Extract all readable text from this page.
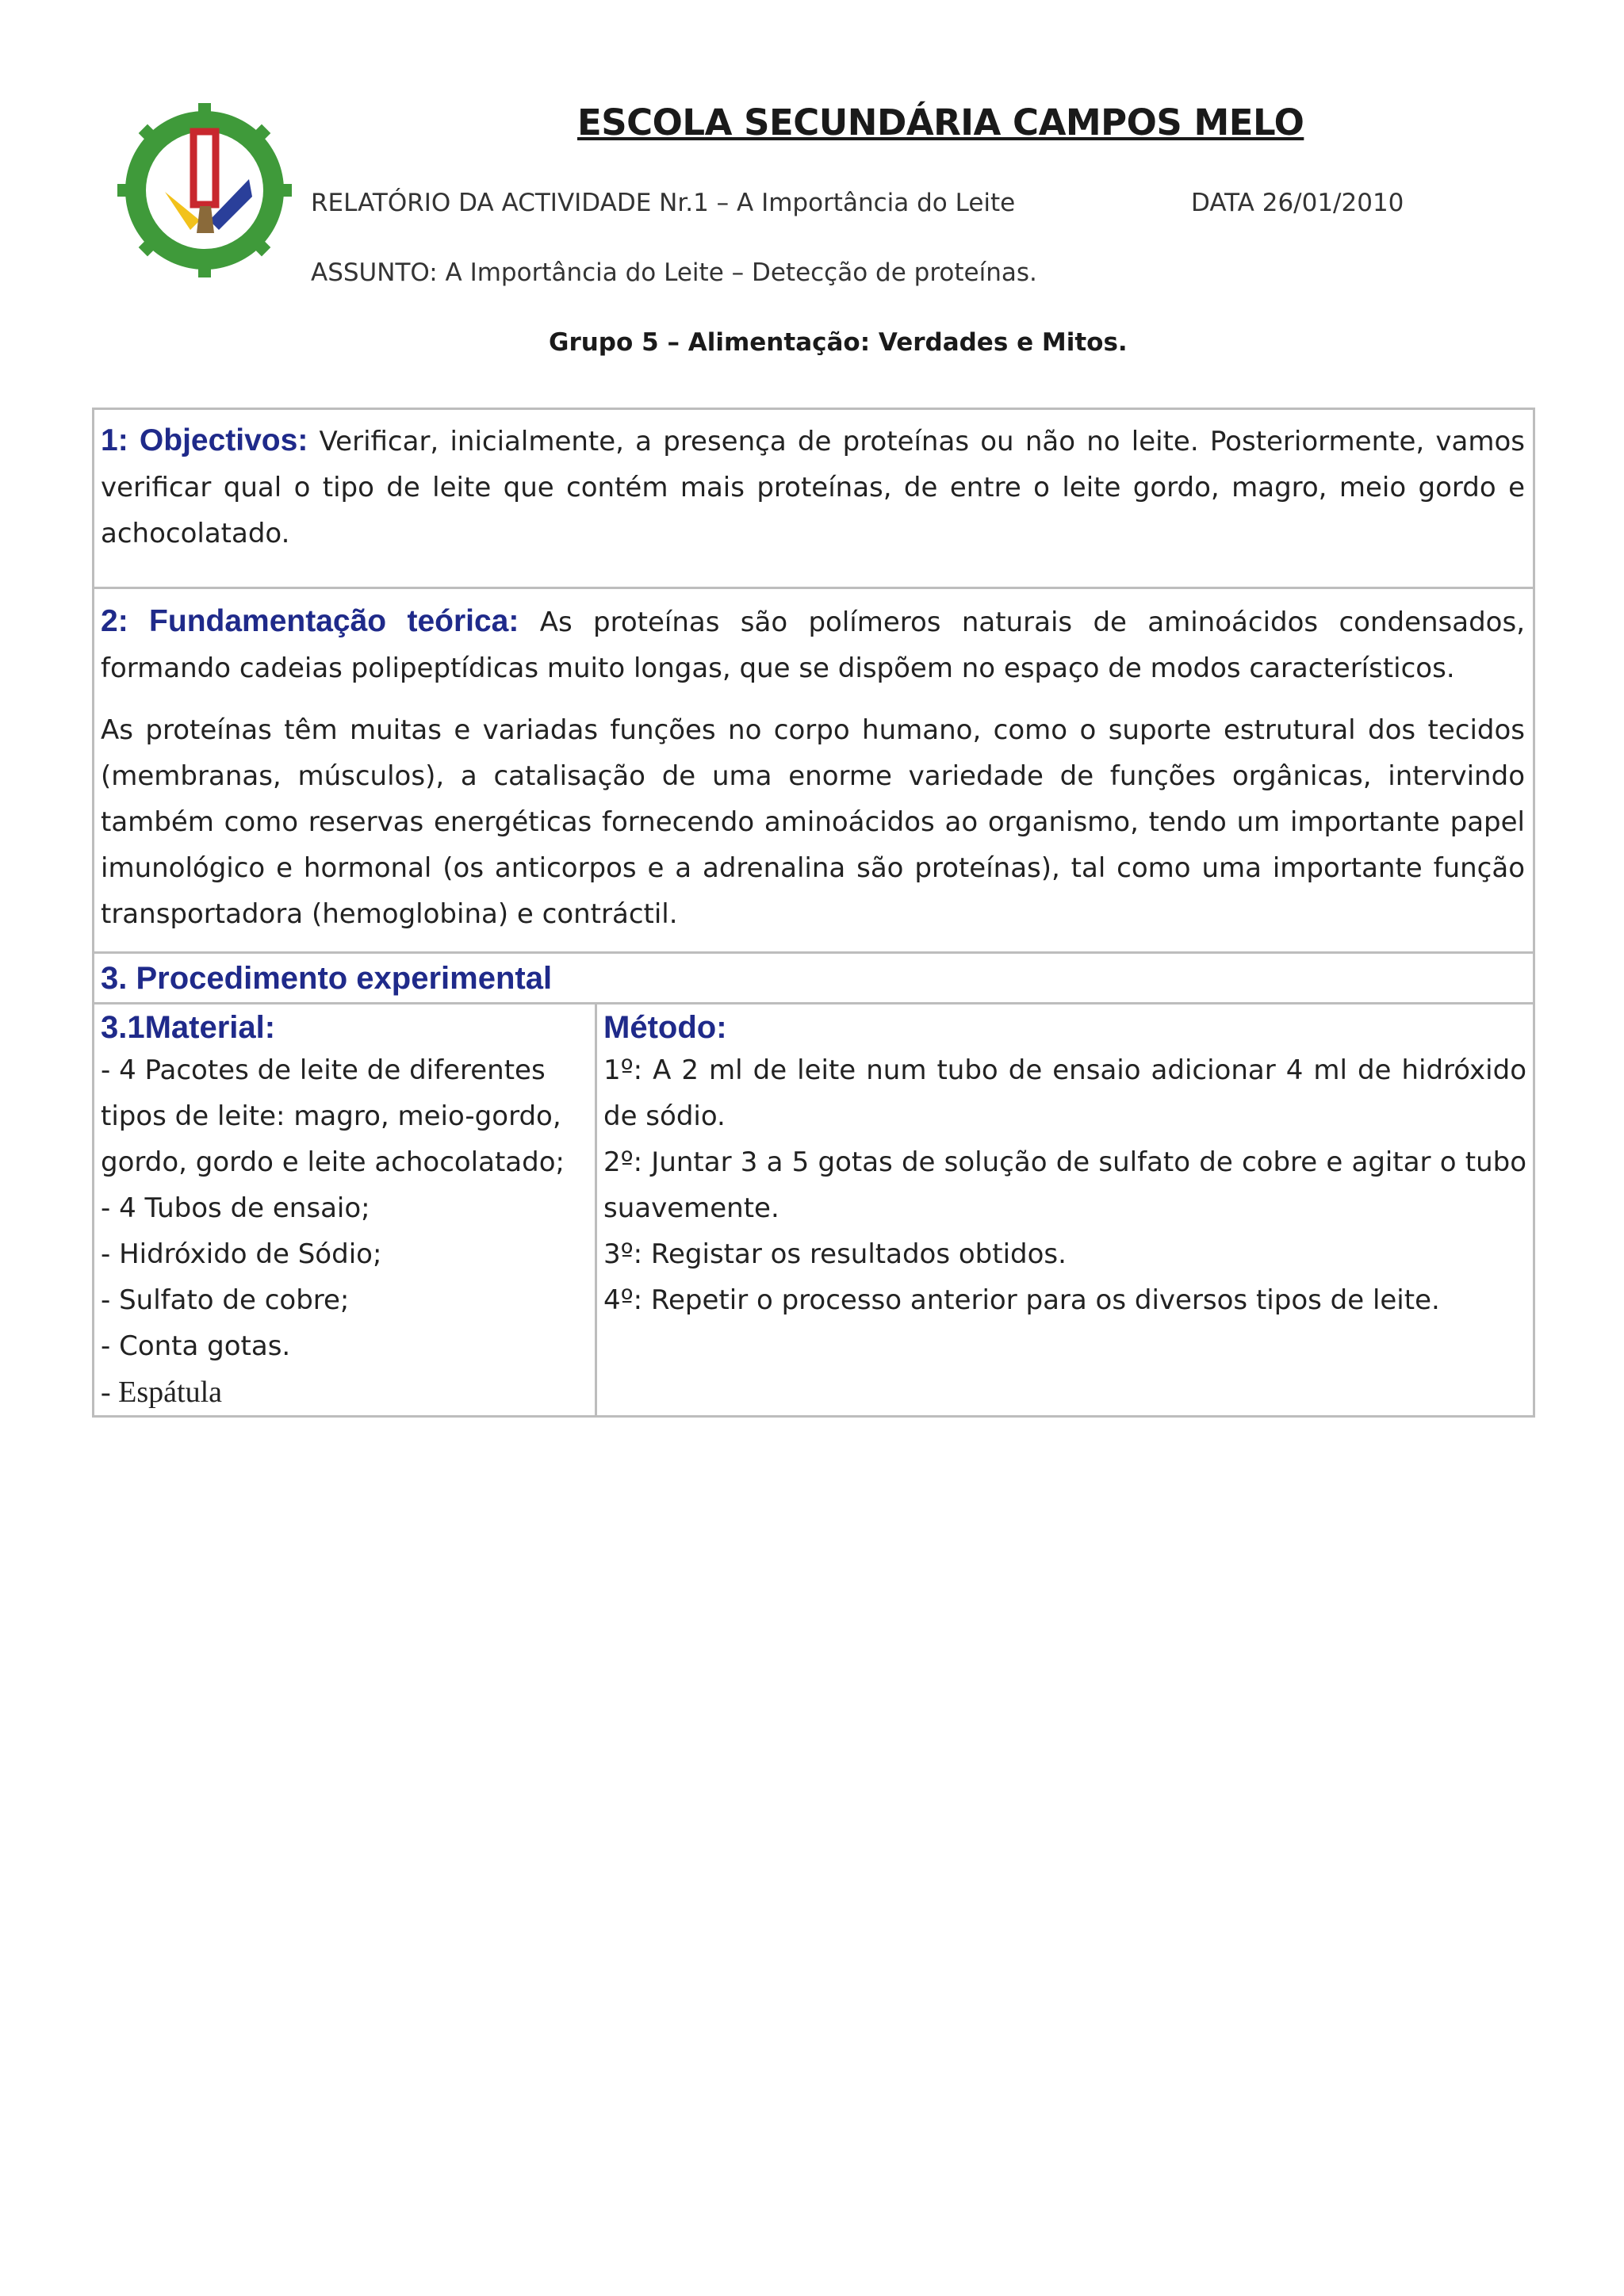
ESCOLA SECUNDÁRIA CAMPOS MELO
RELATÓRIO DA ACTIVIDADE Nr.1 – A Importância do Leite	DATA 26/01/2010
ASSUNTO: A Importância do Leite – Detecção de proteínas.
Grupo 5 – Alimentação: Verdades e Mitos.

1: Objectivos: Verificar, inicialmente, a presença de proteínas ou não no leite. Posteriormente, vamos verificar qual o tipo de leite que contém mais proteínas, de entre o leite gordo, magro, meio gordo e achocolatado.

2: Fundamentação teórica: As proteínas são polímeros naturais de aminoácidos condensados, formando cadeias polipeptídicas muito longas, que se dispõem no espaço de modos característicos.

As proteínas têm muitas e variadas funções no corpo humano, como o suporte estrutural dos tecidos (membranas, músculos), a catalisação de uma enorme variedade de funções orgânicas, intervindo também como reservas energéticas fornecendo aminoácidos ao organismo, tendo um importante papel imunológico e hormonal (os anticorpos e a adrenalina são proteínas), tal como uma importante função transportadora (hemoglobina) e contráctil.

3. Procedimento experimental
3.1Material:

- 4 Pacotes de leite de diferentes

tipos de leite: magro, meio-gordo,

gordo, gordo e leite achocolatado;

- 4 Tubos de ensaio;

- Hidróxido de Sódio;

- Sulfato de cobre;

- Conta gotas.

- Espátula

Método:

1º: A 2 ml de leite num tubo de ensaio adicionar 4 ml de hidróxido de sódio.

2º: Juntar 3 a 5 gotas de solução de sulfato de cobre e agitar o tubo suavemente.

3º: Registar os resultados obtidos.

4º: Repetir o processo anterior para os diversos tipos de leite.
